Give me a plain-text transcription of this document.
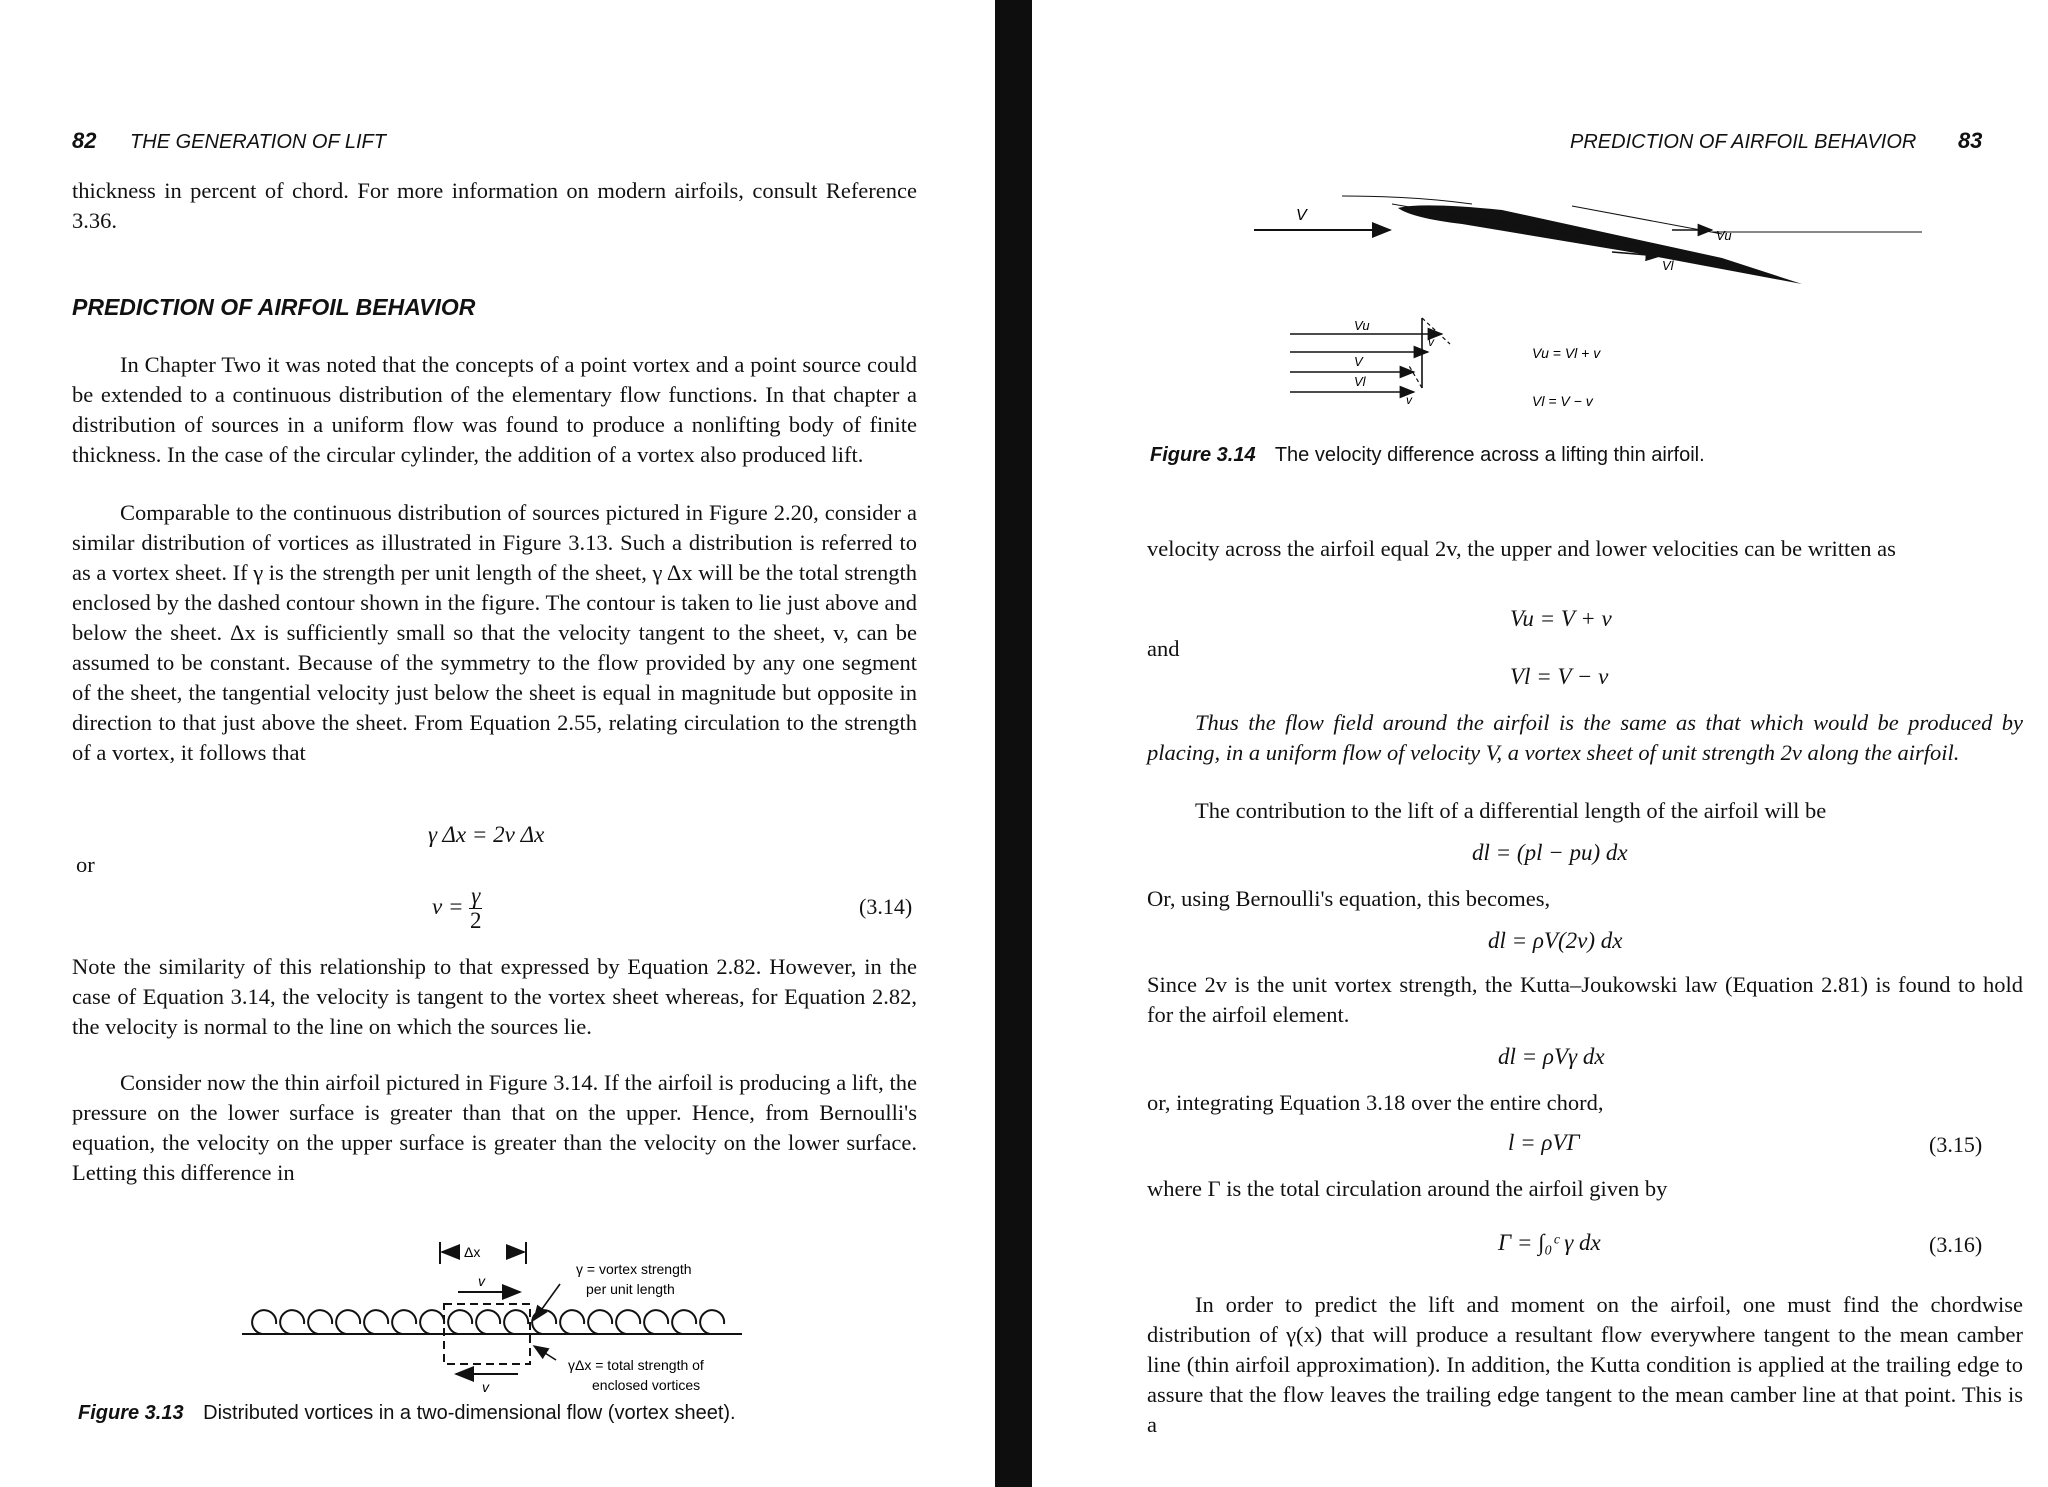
82 THE GENERATION OF LIFT

thickness in percent of chord. For more information on modern airfoils, consult Reference 3.36.

PREDICTION OF AIRFOIL BEHAVIOR

In Chapter Two it was noted that the concepts of a point vortex and a point source could be extended to a continuous distribution of the elementary flow functions. In that chapter a distribution of sources in a uniform flow was found to produce a nonlifting body of finite thickness. In the case of the circular cylinder, the addition of a vortex also produced lift.

Comparable to the continuous distribution of sources pictured in Figure 2.20, consider a similar distribution of vortices as illustrated in Figure 3.13. Such a distribution is referred to as a vortex sheet. If γ is the strength per unit length of the sheet, γ Δx will be the total strength enclosed by the dashed contour shown in the figure. The contour is taken to lie just above and below the sheet. Δx is sufficiently small so that the velocity tangent to the sheet, v, can be assumed to be constant. Because of the symmetry to the flow provided by any one segment of the sheet, the tangential velocity just below the sheet is equal in magnitude but opposite in direction to that just above the sheet. From Equation 2.55, relating circulation to the strength of a vortex, it follows that

γ Δx = 2v Δx
or
$v = \frac{\gamma}{2}$	(3.14)

Note the similarity of this relationship to that expressed by Equation 2.82. However, in the case of Equation 3.14, the velocity is tangent to the vortex sheet whereas, for Equation 2.82, the velocity is normal to the line on which the sources lie.

Consider now the thin airfoil pictured in Figure 3.14. If the airfoil is producing a lift, the pressure on the lower surface is greater than that on the upper. Hence, from Bernoulli's equation, the velocity on the upper surface is greater than the velocity on the lower surface. Letting this difference in

Δx
v
γ = vortex strength
per unit length
v
γΔx = total strength of
enclosed vortices
Figure 3.13 Distributed vortices in a two-dimensional flow (vortex sheet).
PREDICTION OF AIRFOIL BEHAVIOR 83
V
Vu
Vl
Vu
V
Vl
v
v
Vu = Vl + v
Vl = V − v
Figure 3.14 The velocity difference across a lifting thin airfoil.

velocity across the airfoil equal 2v, the upper and lower velocities can be written as

Vu = V + v
and
Vl = V − v

Thus the flow field around the airfoil is the same as that which would be produced by placing, in a uniform flow of velocity V, a vortex sheet of unit strength 2v along the airfoil.

The contribution to the lift of a differential length of the airfoil will be

dl = (pl − pu) dx

Or, using Bernoulli's equation, this becomes,

dl = ρV(2v) dx

Since 2v is the unit vortex strength, the Kutta–Joukowski law (Equation 2.81) is found to hold for the airfoil element.

dl = ρVγ dx

or, integrating Equation 3.18 over the entire chord,

l = ρVΓ	(3.15)

where Γ is the total circulation around the airfoil given by

Γ = ∫₀ᶜ γ dx	(3.16)

In order to predict the lift and moment on the airfoil, one must find the chordwise distribution of γ(x) that will produce a resultant flow everywhere tangent to the mean camber line (thin airfoil approximation). In addition, the Kutta condition is applied at the trailing edge to assure that the flow leaves the trailing edge tangent to the mean camber line at that point. This is a
